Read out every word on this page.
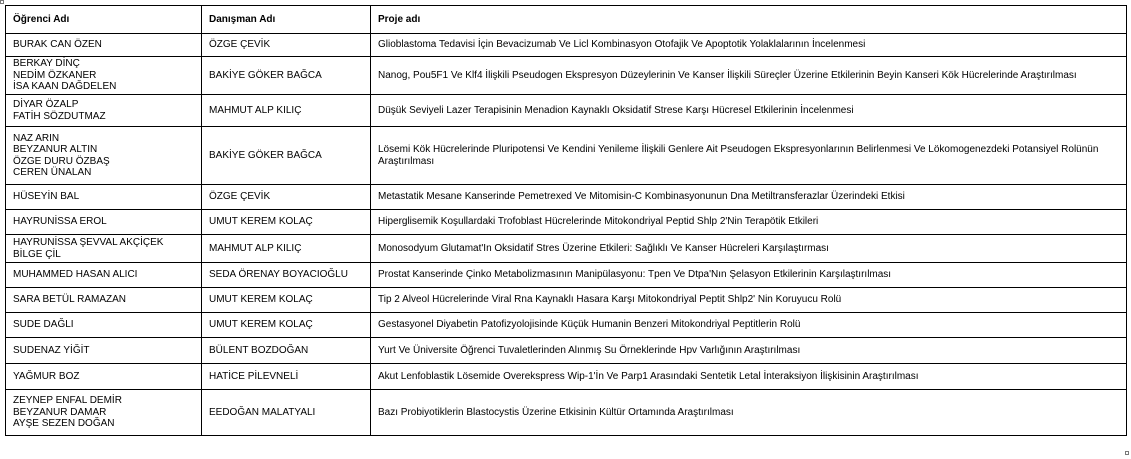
Öğrenci Adı	Danışman Adı	Proje adı

BURAK CAN ÖZEN	ÖZGE ÇEVİK	Glioblastoma Tedavisi İçin Bevacizumab Ve Licl Kombinasyon Otofajik Ve Apoptotik Yolaklalarının İncelenmesi

BERKAY DİNÇ
NEDİM ÖZKANER
İSA KAAN DAĞDELEN	BAKİYE GÖKER BAĞCA	Nanog, Pou5F1 Ve Klf4 İlişkili Pseudogen Ekspresyon Düzeylerinin Ve Kanser İlişkili Süreçler Üzerine Etkilerinin Beyin Kanseri Kök Hücrelerinde Araştırılması

DİYAR ÖZALP
FATİH SÖZDUTMAZ	MAHMUT ALP KILIÇ	Düşük Seviyeli Lazer Terapisinin Menadion Kaynaklı Oksidatif Strese Karşı Hücresel Etkilerinin İncelenmesi

NAZ ARIN
BEYZANUR ALTIN
ÖZGE DURU ÖZBAŞ
CEREN ÜNALAN	BAKİYE GÖKER BAĞCA	Lösemi Kök Hücrelerinde Pluripotensi Ve Kendini Yenileme İlişkili Genlere Ait Pseudogen Ekspresyonlarının Belirlenmesi Ve Lökomogenezdeki Potansiyel Rolünün Araştırılması

HÜSEYİN BAL	ÖZGE ÇEVİK	Metastatik Mesane Kanserinde Pemetrexed Ve Mitomisin-C Kombinasyonunun Dna Metiltransferazlar Üzerindeki Etkisi

HAYRUNİSSA EROL	UMUT KEREM KOLAÇ	Hiperglisemik Koşullardaki Trofoblast Hücrelerinde Mitokondriyal Peptid Shlp 2'Nin Terapötik Etkileri

HAYRUNİSSA ŞEVVAL AKÇİÇEK
BİLGE ÇİL	MAHMUT ALP KILIÇ	Monosodyum Glutamat'In Oksidatif Stres Üzerine Etkileri: Sağlıklı Ve Kanser Hücreleri Karşılaştırması

MUHAMMED HASAN ALICI	SEDA ÖRENAY BOYACIOĞLU	Prostat Kanserinde Çinko Metabolizmasının Manipülasyonu: Tpen Ve Dtpa'Nın Şelasyon Etkilerinin Karşılaştırılması

SARA BETÜL RAMAZAN	UMUT KEREM KOLAÇ	Tip 2 Alveol Hücrelerinde Viral Rna Kaynaklı Hasara Karşı Mitokondriyal Peptit Shlp2' Nin Koruyucu Rolü

SUDE DAĞLI	UMUT KEREM KOLAÇ	Gestasyonel Diyabetin Patofizyolojisinde Küçük Humanin Benzeri Mitokondriyal Peptitlerin Rolü

SUDENAZ YİĞİT	BÜLENT BOZDOĞAN	Yurt Ve Üniversite Öğrenci Tuvaletlerinden Alınmış Su Örneklerinde Hpv Varlığının Araştırılması

YAĞMUR BOZ	HATİCE PİLEVNELİ	Akut Lenfoblastik Lösemide Overekspress Wip-1'İn Ve Parp1 Arasındaki Sentetik Letal İnteraksiyon İlişkisinin Araştırılması

ZEYNEP ENFAL DEMİR
BEYZANUR DAMAR
AYŞE SEZEN DOĞAN	EEDOĞAN MALATYALI	Bazı Probiyotiklerin Blastocystis Üzerine Etkisinin Kültür Ortamında Araştırılması
